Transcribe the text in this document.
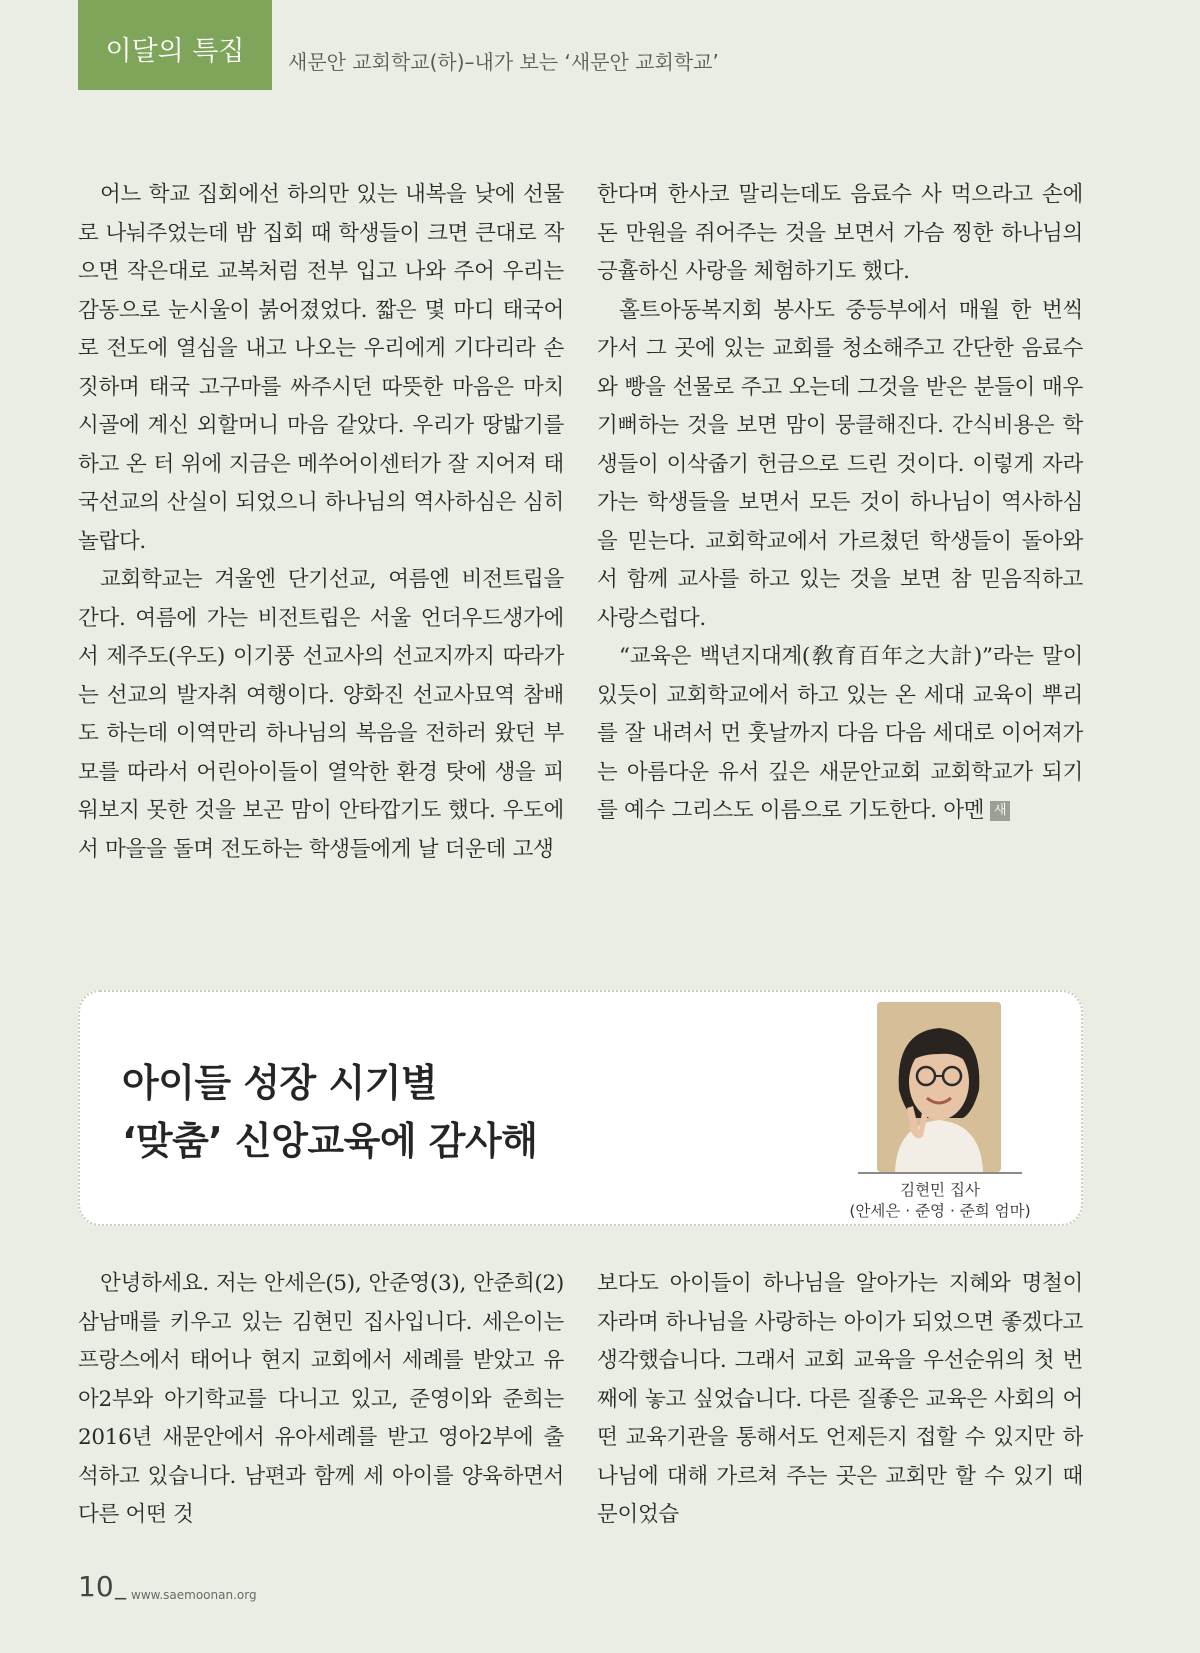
이달의 특집 새문안 교회학교(하)–내가 보는 ‘새문안 교회학교’

어느 학교 집회에선 하의만 있는 내복을 낮에 선물로 나눠주었는데 밤 집회 때 학생들이 크면 큰대로 작으면 작은대로 교복처럼 전부 입고 나와 주어 우리는 감동으로 눈시울이 붉어졌었다. 짧은 몇 마디 태국어로 전도에 열심을 내고 나오는 우리에게 기다리라 손짓하며 태국 고구마를 싸주시던 따뜻한 마음은 마치 시골에 계신 외할머니 마음 같았다. 우리가 땅밟기를 하고 온 터 위에 지금은 메쑤어이센터가 잘 지어져 태국선교의 산실이 되었으니 하나님의 역사하심은 심히 놀랍다.

교회학교는 겨울엔 단기선교, 여름엔 비전트립을 간다. 여름에 가는 비전트립은 서울 언더우드생가에서 제주도(우도) 이기풍 선교사의 선교지까지 따라가는 선교의 발자취 여행이다. 양화진 선교사묘역 참배도 하는데 이역만리 하나님의 복음을 전하러 왔던 부모를 따라서 어린아이들이 열악한 환경 탓에 생을 피워보지 못한 것을 보곤 맘이 안타깝기도 했다. 우도에서 마을을 돌며 전도하는 학생들에게 날 더운데 고생

한다며 한사코 말리는데도 음료수 사 먹으라고 손에 돈 만원을 쥐어주는 것을 보면서 가슴 찡한 하나님의 긍휼하신 사랑을 체험하기도 했다.

홀트아동복지회 봉사도 중등부에서 매월 한 번씩 가서 그 곳에 있는 교회를 청소해주고 간단한 음료수와 빵을 선물로 주고 오는데 그것을 받은 분들이 매우 기뻐하는 것을 보면 맘이 뭉클해진다. 간식비용은 학생들이 이삭줍기 헌금으로 드린 것이다. 이렇게 자라가는 학생들을 보면서 모든 것이 하나님이 역사하심을 믿는다. 교회학교에서 가르쳤던 학생들이 돌아와서 함께 교사를 하고 있는 것을 보면 참 믿음직하고 사랑스럽다.

“교육은 백년지대계(敎育百年之大計)”라는 말이 있듯이 교회학교에서 하고 있는 온 세대 교육이 뿌리를 잘 내려서 먼 훗날까지 다음 다음 세대로 이어져가는 아름다운 유서 깊은 새문안교회 교회학교가 되기를 예수 그리스도 이름으로 기도한다. 아멘 새

아이들 성장 시기별
‘맞춤’ 신앙교육에 감사해
김현민 집사
(안세은 · 준영 · 준희 엄마)

안녕하세요. 저는 안세은(5), 안준영(3), 안준희(2) 삼남매를 키우고 있는 김현민 집사입니다. 세은이는 프랑스에서 태어나 현지 교회에서 세례를 받았고 유아2부와 아기학교를 다니고 있고, 준영이와 준희는 2016년 새문안에서 유아세례를 받고 영아2부에 출석하고 있습니다. 남편과 함께 세 아이를 양육하면서 다른 어떤 것

보다도 아이들이 하나님을 알아가는 지혜와 명철이 자라며 하나님을 사랑하는 아이가 되었으면 좋겠다고 생각했습니다. 그래서 교회 교육을 우선순위의 첫 번째에 놓고 싶었습니다. 다른 질좋은 교육은 사회의 어떤 교육기관을 통해서도 언제든지 접할 수 있지만 하나님에 대해 가르쳐 주는 곳은 교회만 할 수 있기 때문이었습

10 _ www.saemoonan.org
